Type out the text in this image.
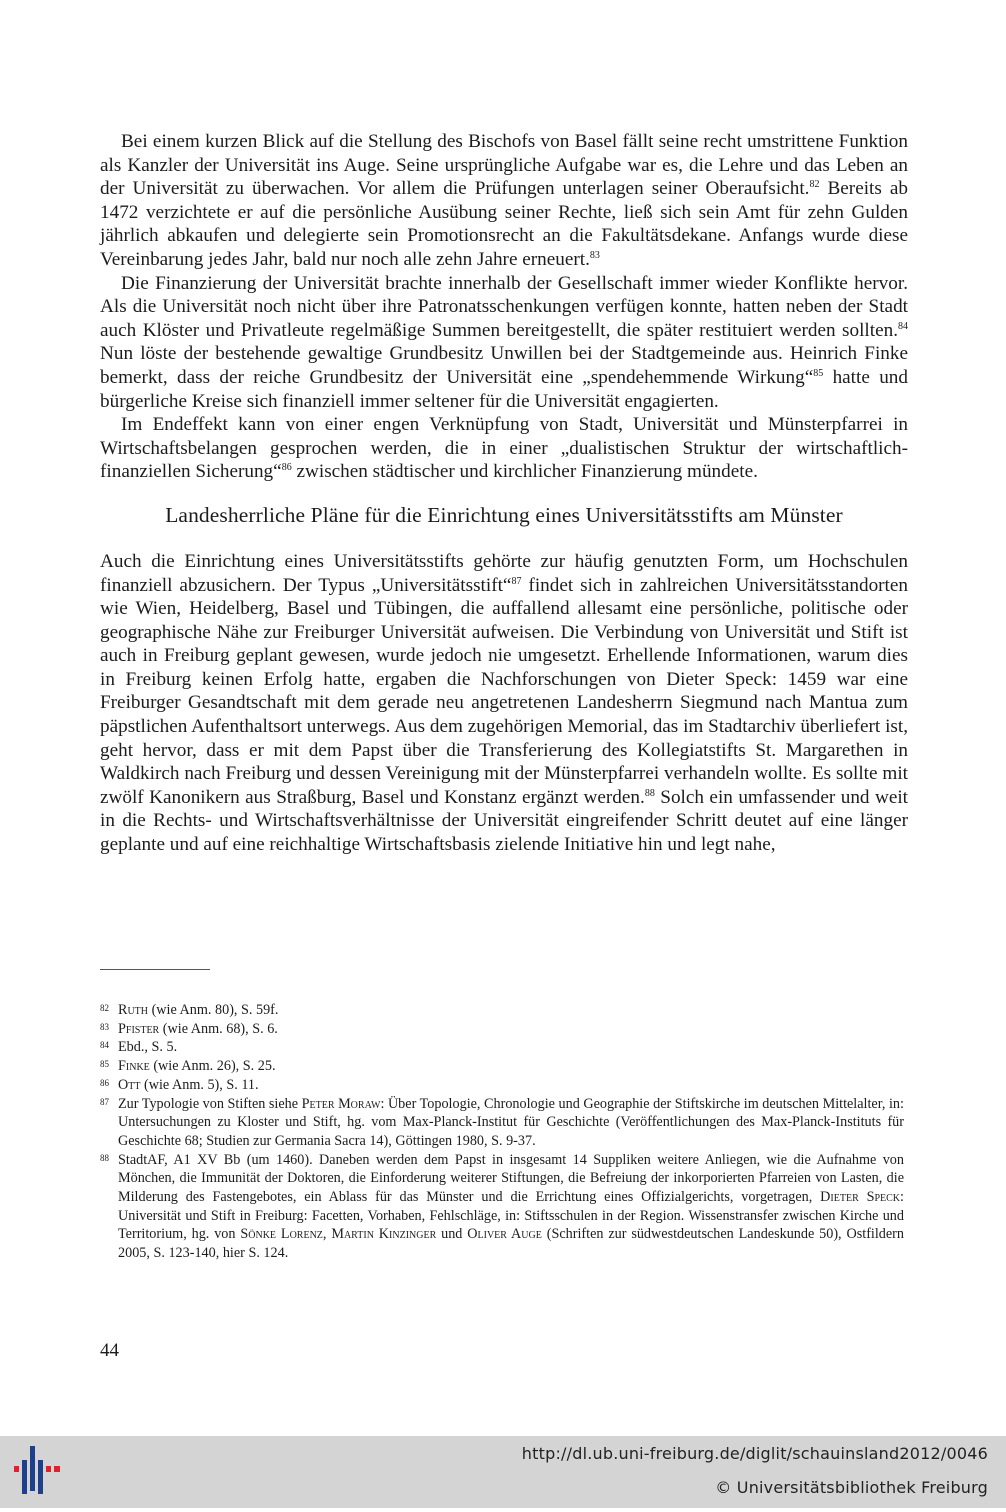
Bei einem kurzen Blick auf die Stellung des Bischofs von Basel fällt seine recht umstrittene Funktion als Kanzler der Universität ins Auge. Seine ursprüngliche Aufgabe war es, die Lehre und das Leben an der Universität zu überwachen. Vor allem die Prüfungen unterlagen seiner Oberaufsicht.$^{82}$ Bereits ab 1472 verzichtete er auf die persönliche Ausübung seiner Rechte, ließ sich sein Amt für zehn Gulden jährlich abkaufen und delegierte sein Promotionsrecht an die Fakultätsdekane. Anfangs wurde diese Vereinbarung jedes Jahr, bald nur noch alle zehn Jahre erneuert.$^{83}$

Die Finanzierung der Universität brachte innerhalb der Gesellschaft immer wieder Konflikte hervor. Als die Universität noch nicht über ihre Patronatsschenkungen verfügen konnte, hatten neben der Stadt auch Klöster und Privatleute regelmäßige Summen bereitgestellt, die später restituiert werden sollten.$^{84}$ Nun löste der bestehende gewaltige Grundbesitz Unwillen bei der Stadtgemeinde aus. Heinrich Finke bemerkt, dass der reiche Grundbesitz der Universität eine „spendehemmende Wirkung“$^{85}$ hatte und bürgerliche Kreise sich finanziell immer seltener für die Universität engagierten.

Im Endeffekt kann von einer engen Verknüpfung von Stadt, Universität und Münsterpfarrei in Wirtschaftsbelangen gesprochen werden, die in einer „dualistischen Struktur der wirtschaftlich-finanziellen Sicherung“$^{86}$ zwischen städtischer und kirchlicher Finanzierung mündete.

Landesherrliche Pläne für die Einrichtung eines Universitätsstifts am Münster

Auch die Einrichtung eines Universitätsstifts gehörte zur häufig genutzten Form, um Hochschulen finanziell abzusichern. Der Typus „Universitätsstift“$^{87}$ findet sich in zahlreichen Universitätsstandorten wie Wien, Heidelberg, Basel und Tübingen, die auffallend allesamt eine persönliche, politische oder geographische Nähe zur Freiburger Universität aufweisen. Die Verbindung von Universität und Stift ist auch in Freiburg geplant gewesen, wurde jedoch nie umgesetzt. Erhellende Informationen, warum dies in Freiburg keinen Erfolg hatte, ergaben die Nachforschungen von Dieter Speck: 1459 war eine Freiburger Gesandtschaft mit dem gerade neu angetretenen Landesherrn Siegmund nach Mantua zum päpstlichen Aufenthaltsort unterwegs. Aus dem zugehörigen Memorial, das im Stadtarchiv überliefert ist, geht hervor, dass er mit dem Papst über die Transferierung des Kollegiatstifts St. Margarethen in Waldkirch nach Freiburg und dessen Vereinigung mit der Münsterpfarrei verhandeln wollte. Es sollte mit zwölf Kanonikern aus Straßburg, Basel und Konstanz ergänzt werden.$^{88}$ Solch ein umfassender und weit in die Rechts- und Wirtschaftsverhältnisse der Universität eingreifender Schritt deutet auf eine länger geplante und auf eine reichhaltige Wirtschaftsbasis zielende Initiative hin und legt nahe,

82 Ruth (wie Anm. 80), S. 59f.
83 Pfister (wie Anm. 68), S. 6.
84 Ebd., S. 5.
85 Finke (wie Anm. 26), S. 25.
86 Ott (wie Anm. 5), S. 11.
87 Zur Typologie von Stiften siehe Peter Moraw: Über Topologie, Chronologie und Geographie der Stiftskirche im deutschen Mittelalter, in: Untersuchungen zu Kloster und Stift, hg. vom Max-Planck-Institut für Geschichte (Veröffentlichungen des Max-Planck-Instituts für Geschichte 68; Studien zur Germania Sacra 14), Göttingen 1980, S. 9-37.
88 StadtAF, A1 XV Bb (um 1460). Daneben werden dem Papst in insgesamt 14 Suppliken weitere Anliegen, wie die Aufnahme von Mönchen, die Immunität der Doktoren, die Einforderung weiterer Stiftungen, die Befreiung der inkorporierten Pfarreien von Lasten, die Milderung des Fastengebotes, ein Ablass für das Münster und die Errichtung eines Offizialgerichts, vorgetragen, Dieter Speck: Universität und Stift in Freiburg: Facetten, Vorhaben, Fehlschläge, in: Stiftsschulen in der Region. Wissenstransfer zwischen Kirche und Territorium, hg. von Sönke Lorenz, Martin Kinzinger und Oliver Auge (Schriften zur südwestdeutschen Landeskunde 50), Ostfildern 2005, S. 123-140, hier S. 124.
44
http://dl.ub.uni-freiburg.de/diglit/schauinsland2012/0046
© Universitätsbibliothek Freiburg
